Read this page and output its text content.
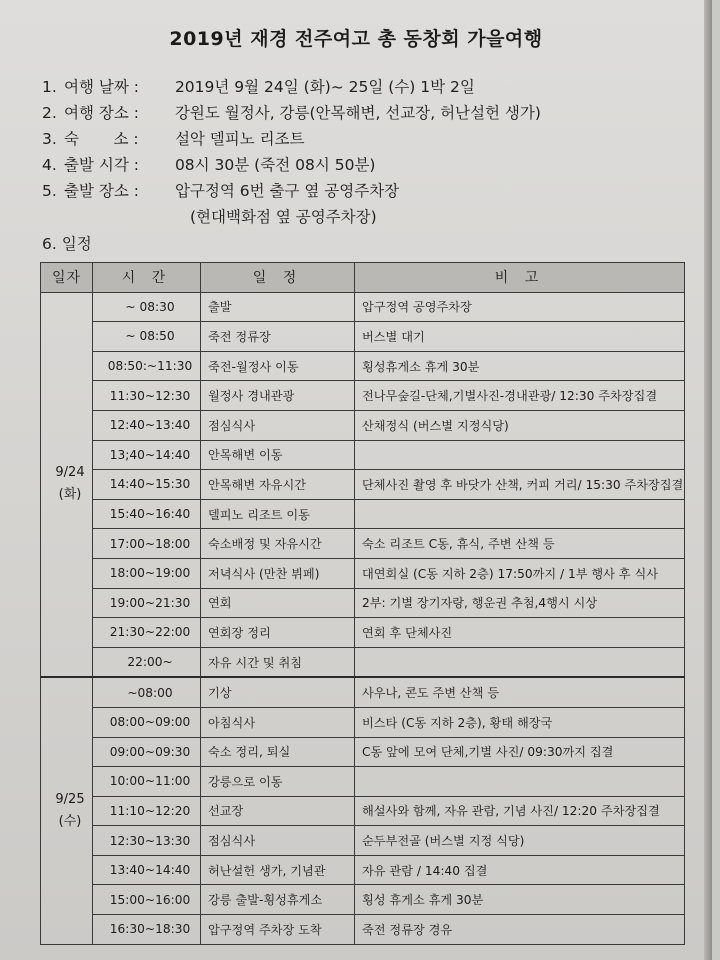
2019년 재경 전주여고 총 동창회 가을여행
1. 여행 날짜 : 2019년 9월 24일 (화)~ 25일 (수) 1박 2일
2. 여행 장소 : 강원도 월정사, 강릉(안목해변, 선교장, 허난설헌 생가)
3. 숙       소 : 설악 델피노 리조트
4. 출발 시각 : 08시 30분 (죽전 08시 50분)
5. 출발 장소 : 압구정역 6번 출구 옆 공영주차장
(현대백화점 옆 공영주차장)
6. 일정
일자	시 간	일 정	비 고

9/24
(화)	~ 08:30	출발	압구정역 공영주차장
	~ 08:50	죽전 정류장	버스별 대기
	08:50:~11:30	죽전-월정사 이동	횡성휴게소 휴게 30분
	11:30~12:30	월정사 경내관광	전나무숲길-단체,기별사진-경내관광/ 12:30 주차장집결
	12:40~13:40	점심식사	산채정식 (버스별 지정식당)
	13;40~14:40	안목해변 이동	
	14:40~15:30	안목해변 자유시간	단체사진 촬영 후 바닷가 산책, 커피 거리/ 15:30 주차장집결
	15:40~16:40	델피노 리조트 이동	
	17:00~18:00	숙소배정 및 자유시간	숙소 리조트 C동, 휴식, 주변 산책 등
	18:00~19:00	저녁식사 (만찬 뷔페)	대연회실 (C동 지하 2층) 17:50까지 / 1부 행사 후 식사
	19:00~21:30	연회	2부: 기별 장기자랑, 행운권 추첨,4행시 시상
	21:30~22:00	연회장 정리	연회 후 단체사진
	22:00~	자유 시간 및 취침	

9/25
(수)	~08:00	기상	사우나, 콘도 주변 산책 등
	08:00~09:00	아침식사	비스타 (C동 지하 2층), 황태 해장국
	09:00~09:30	숙소 정리, 퇴실	C동 앞에 모여 단체,기별 사진/ 09:30까지 집결
	10:00~11:00	강릉으로 이동	
	11:10~12:20	선교장	해설사와 함께, 자유 관람, 기념 사진/ 12:20 주차장집결
	12:30~13:30	점심식사	순두부전골 (버스별 지정 식당)
	13:40~14:40	허난설헌 생가, 기념관	자유 관람 / 14:40 집결
	15:00~16:00	강릉 출발-횡성휴게소	횡성 휴게소 휴게 30분
	16:30~18:30	압구정역 주차장 도착	죽전 정류장 경유
